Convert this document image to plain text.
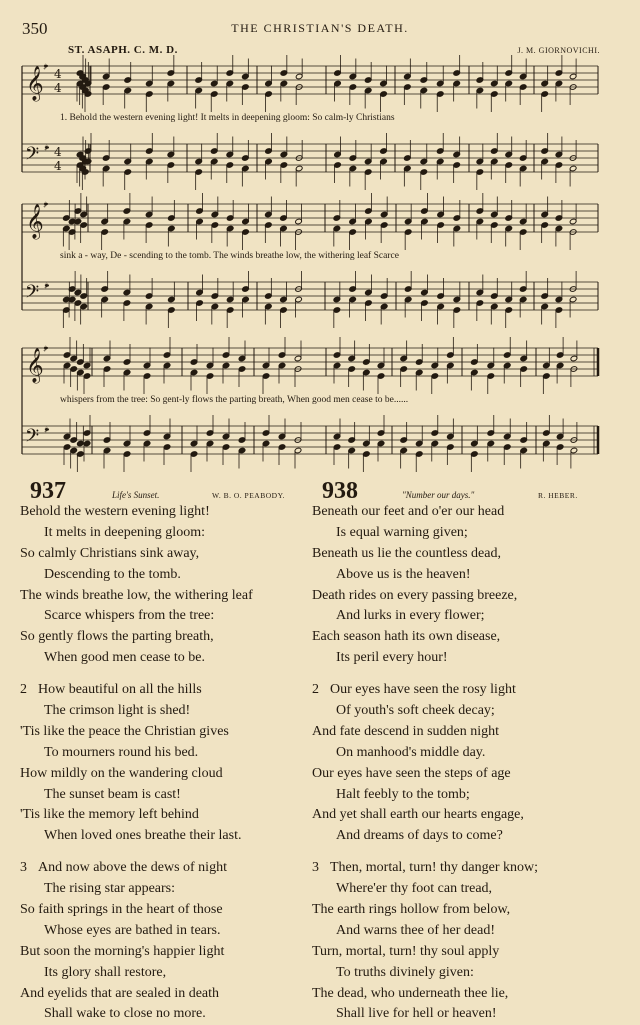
350	THE CHRISTIAN'S DEATH.
ST. ASAPH. C. M. D.	J. M. GIORNOVICHI.
𝄞 ♯ 4
4
𝄢 ♯ 4
4
𝄞 ♯
𝄢 ♯
𝄞 ♯
𝄢 ♯
1. Behold the western evening light! It melts in deepening gloom: So calm-ly Christians
sink a - way, De - scending to the tomb. The winds breathe low, the withering leaf Scarce
whispers from the tree: So gent-ly flows the parting breath, When good men cease to be......
937	Life's Sunset.	W. B. O. PEABODY. 938	"Number our days."	R. HEBER.
Behold the western evening light!
It melts in deepening gloom:
So calmly Christians sink away,
Descending to the tomb.
The winds breathe low, the withering leaf
Scarce whispers from the tree:
So gently flows the parting breath,
When good men cease to be.
2 How beautiful on all the hills
The crimson light is shed!
'Tis like the peace the Christian gives
To mourners round his bed.
How mildly on the wandering cloud
The sunset beam is cast!
'Tis like the memory left behind
When loved ones breathe their last.
3 And now above the dews of night
The rising star appears:
So faith springs in the heart of those
Whose eyes are bathed in tears.
But soon the morning's happier light
Its glory shall restore,
And eyelids that are sealed in death
Shall wake to close no more.
Beneath our feet and o'er our head
Is equal warning given;
Beneath us lie the countless dead,
Above us is the heaven!
Death rides on every passing breeze,
And lurks in every flower;
Each season hath its own disease,
Its peril every hour!
2 Our eyes have seen the rosy light
Of youth's soft cheek decay;
And fate descend in sudden night
On manhood's middle day.
Our eyes have seen the steps of age
Halt feebly to the tomb;
And yet shall earth our hearts engage,
And dreams of days to come?
3 Then, mortal, turn! thy danger know;
Where'er thy foot can tread,
The earth rings hollow from below,
And warns thee of her dead!
Turn, mortal, turn! thy soul apply
To truths divinely given:
The dead, who underneath thee lie,
Shall live for hell or heaven!
